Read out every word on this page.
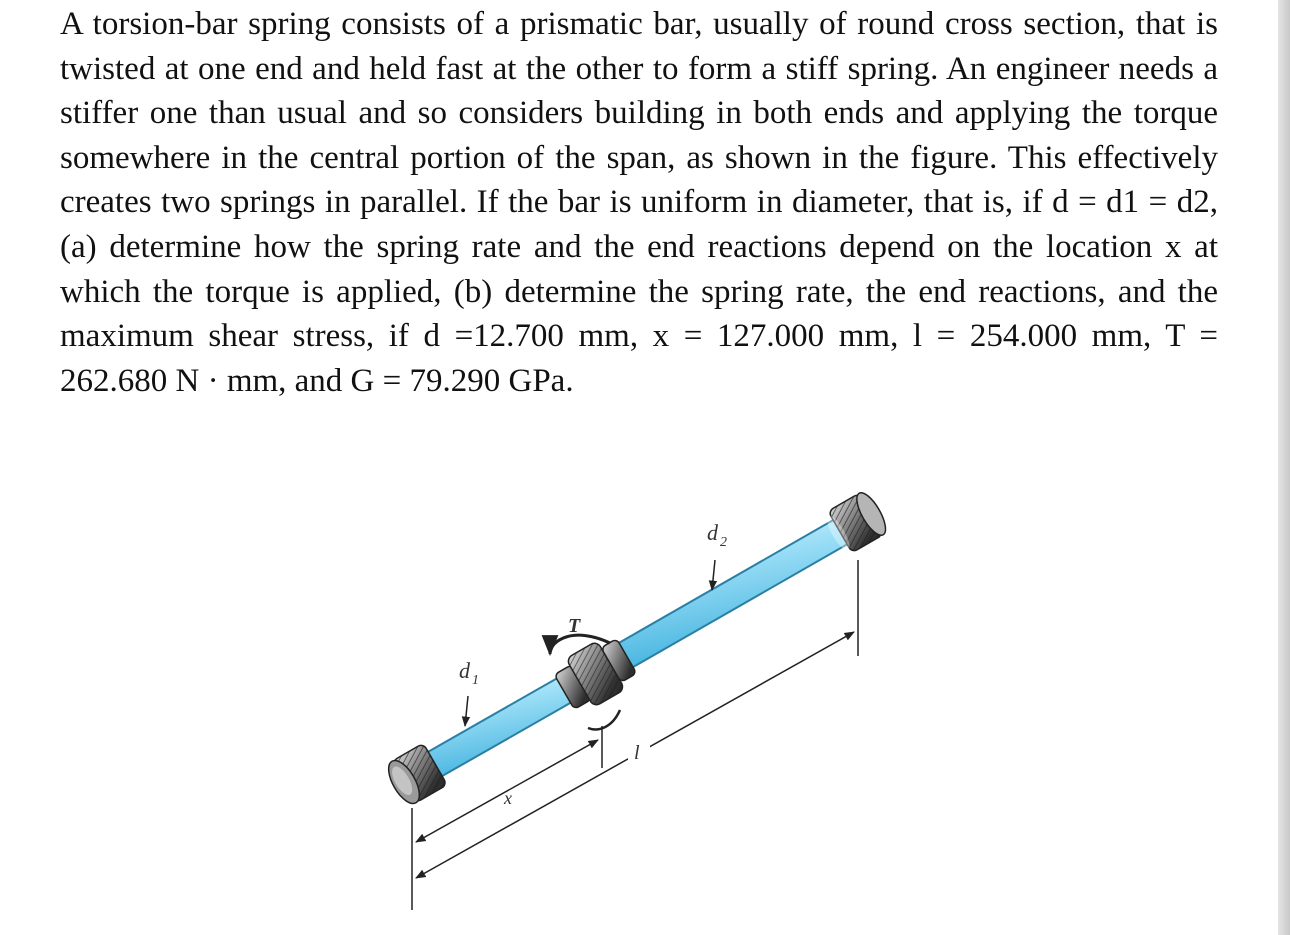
A torsion-bar spring consists of a prismatic bar, usually of round cross section, that is twisted at one end and held fast at the other to form a stiff spring. An engineer needs a stiffer one than usual and so considers building in both ends and applying the torque somewhere in the central portion of the span, as shown in the figure. This effectively creates two springs in parallel. If the bar is uniform in diameter, that is, if d = d1 = d2, (a) determine how the spring rate and the end reactions depend on the location x at which the torque is applied, (b) determine the spring rate, the end reactions, and the maximum shear stress, if d =12.700 mm, x = 127.000 mm, l = 254.000 mm, T = 262.680 N · mm, and G = 79.290 GPa.

T
d 1
d 2
x
l
